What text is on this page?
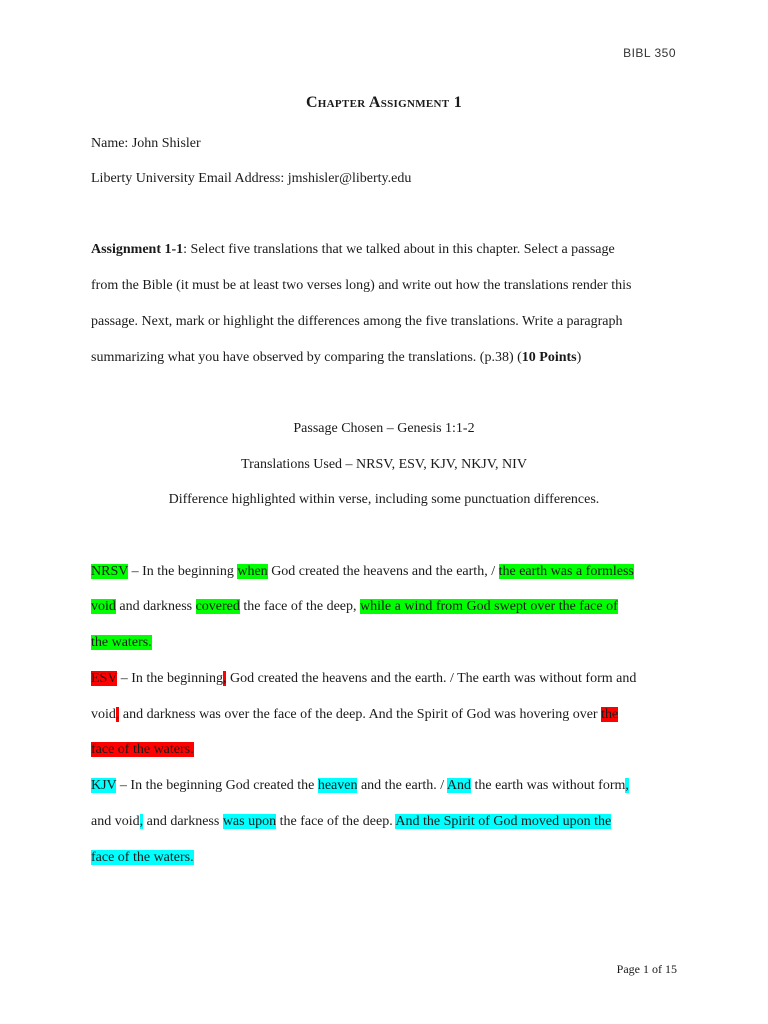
BIBL 350
Chapter Assignment 1
Name: John Shisler
Liberty University Email Address: jmshisler@liberty.edu
Assignment 1-1: Select five translations that we talked about in this chapter. Select a passage
from the Bible (it must be at least two verses long) and write out how the translations render this
passage. Next, mark or highlight the differences among the five translations. Write a paragraph
summarizing what you have observed by comparing the translations. (p.38) (10 Points)
Passage Chosen – Genesis 1:1-2
Translations Used – NRSV, ESV, KJV, NKJV, NIV
Difference highlighted within verse, including some punctuation differences.
NRSV – In the beginning when God created the heavens and the earth, / the earth was a formless
void and darkness covered the face of the deep, while a wind from God swept over the face of
the waters.
ESV – In the beginning, God created the heavens and the earth. / The earth was without form and
void, and darkness was over the face of the deep. And the Spirit of God was hovering over the
face of the waters.
KJV – In the beginning God created the heaven and the earth. / And the earth was without form,
and void, and darkness was upon the face of the deep. And the Spirit of God moved upon the
face of the waters.
Page 1 of 15
